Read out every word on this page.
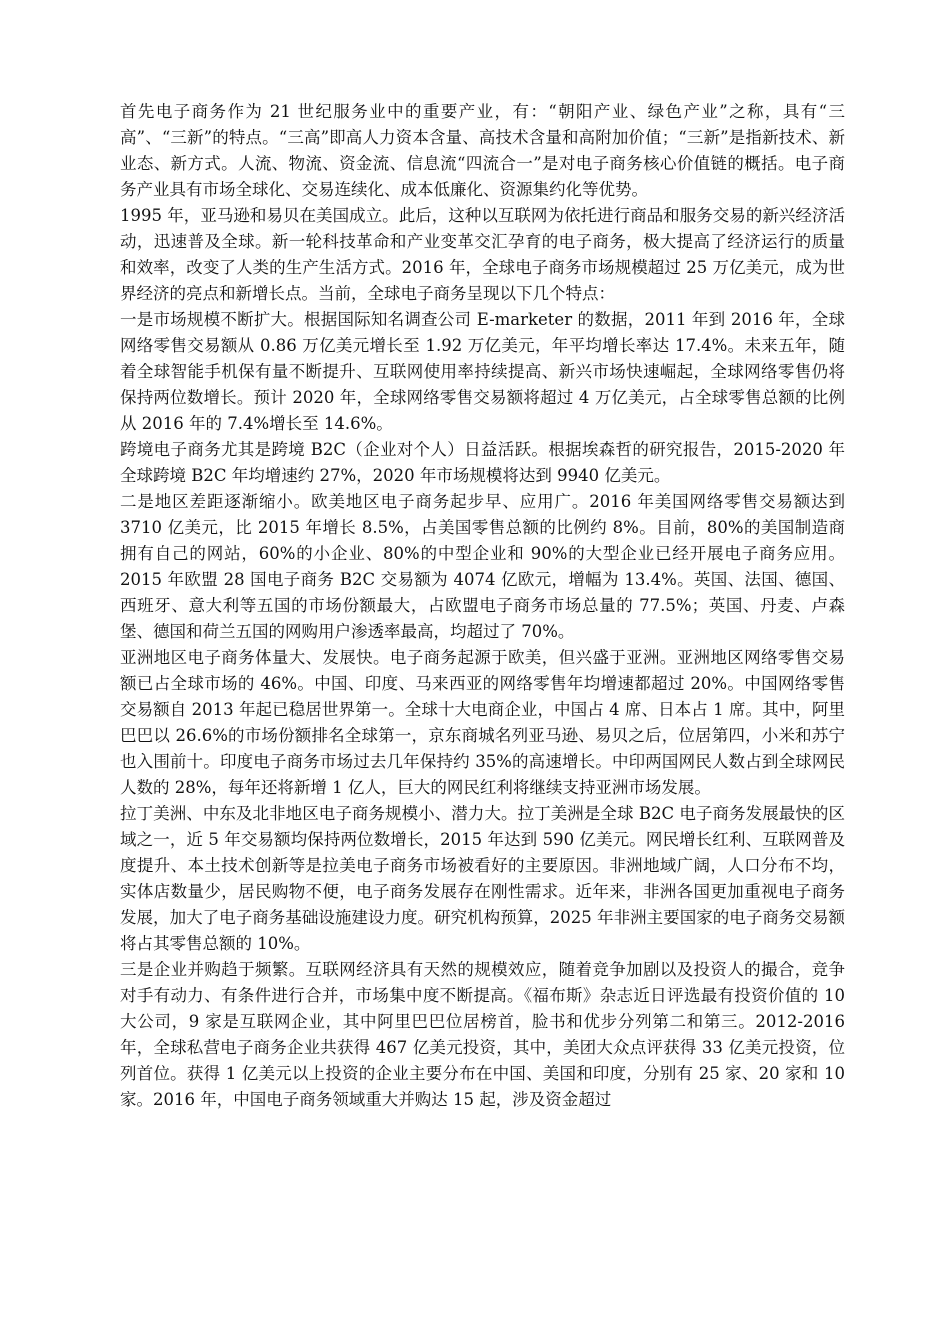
首先电子商务作为 21 世纪服务业中的重要产业，有：“朝阳产业、绿色产业”之称，具有“三高”、“三新”的特点。“三高”即高人力资本含量、高技术含量和高附加价值；“三新”是指新技术、新业态、新方式。人流、物流、资金流、信息流“四流合一”是对电子商务核心价值链的概括。电子商务产业具有市场全球化、交易连续化、成本低廉化、资源集约化等优势。

1995 年，亚马逊和易贝在美国成立。此后，这种以互联网为依托进行商品和服务交易的新兴经济活动，迅速普及全球。新一轮科技革命和产业变革交汇孕育的电子商务，极大提高了经济运行的质量和效率，改变了人类的生产生活方式。2016 年，全球电子商务市场规模超过 25 万亿美元，成为世界经济的亮点和新增长点。当前，全球电子商务呈现以下几个特点：

一是市场规模不断扩大。根据国际知名调查公司 E-marketer 的数据，2011 年到 2016 年，全球网络零售交易额从 0.86 万亿美元增长至 1.92 万亿美元，年平均增长率达 17.4%。未来五年，随着全球智能手机保有量不断提升、互联网使用率持续提高、新兴市场快速崛起，全球网络零售仍将保持两位数增长。预计 2020 年，全球网络零售交易额将超过 4 万亿美元，占全球零售总额的比例从 2016 年的 7.4%增长至 14.6%。

跨境电子商务尤其是跨境 B2C（企业对个人）日益活跃。根据埃森哲的研究报告，2015-2020 年全球跨境 B2C 年均增速约 27%，2020 年市场规模将达到 9940 亿美元。

二是地区差距逐渐缩小。欧美地区电子商务起步早、应用广。2016 年美国网络零售交易额达到 3710 亿美元，比 2015 年增长 8.5%，占美国零售总额的比例约 8%。目前，80%的美国制造商拥有自己的网站，60%的小企业、80%的中型企业和 90%的大型企业已经开展电子商务应用。2015 年欧盟 28 国电子商务 B2C 交易额为 4074 亿欧元，增幅为 13.4%。英国、法国、德国、西班牙、意大利等五国的市场份额最大，占欧盟电子商务市场总量的 77.5%；英国、丹麦、卢森堡、德国和荷兰五国的网购用户渗透率最高，均超过了 70%。

亚洲地区电子商务体量大、发展快。电子商务起源于欧美，但兴盛于亚洲。亚洲地区网络零售交易额已占全球市场的 46%。中国、印度、马来西亚的网络零售年均增速都超过 20%。中国网络零售交易额自 2013 年起已稳居世界第一。全球十大电商企业，中国占 4 席、日本占 1 席。其中，阿里巴巴以 26.6%的市场份额排名全球第一，京东商城名列亚马逊、易贝之后，位居第四，小米和苏宁也入围前十。印度电子商务市场过去几年保持约 35%的高速增长。中印两国网民人数占到全球网民人数的 28%，每年还将新增 1 亿人，巨大的网民红利将继续支持亚洲市场发展。

拉丁美洲、中东及北非地区电子商务规模小、潜力大。拉丁美洲是全球 B2C 电子商务发展最快的区域之一，近 5 年交易额均保持两位数增长，2015 年达到 590 亿美元。网民增长红利、互联网普及度提升、本土技术创新等是拉美电子商务市场被看好的主要原因。非洲地域广阔，人口分布不均，实体店数量少，居民购物不便，电子商务发展存在刚性需求。近年来，非洲各国更加重视电子商务发展，加大了电子商务基础设施建设力度。研究机构预算，2025 年非洲主要国家的电子商务交易额将占其零售总额的 10%。

三是企业并购趋于频繁。互联网经济具有天然的规模效应，随着竞争加剧以及投资人的撮合，竞争对手有动力、有条件进行合并，市场集中度不断提高。《福布斯》杂志近日评选最有投资价值的 10 大公司，9 家是互联网企业，其中阿里巴巴位居榜首，脸书和优步分列第二和第三。2012-2016 年，全球私营电子商务企业共获得 467 亿美元投资，其中，美团大众点评获得 33 亿美元投资，位列首位。获得 1 亿美元以上投资的企业主要分布在中国、美国和印度，分别有 25 家、20 家和 10 家。2016 年，中国电子商务领域重大并购达 15 起，涉及资金超过
